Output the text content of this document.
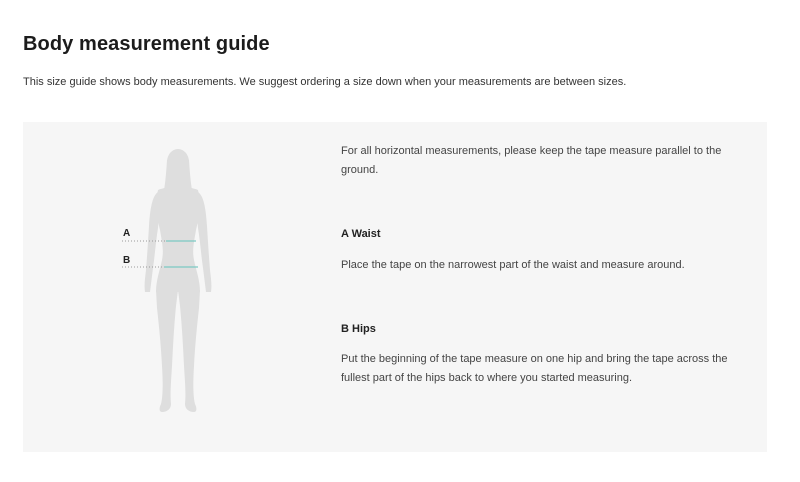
Body measurement guide

This size guide shows body measurements. We suggest ordering a size down when your measurements are between sizes.

A
B

For all horizontal measurements, please keep the tape measure parallel to the ground.

A Waist

Place the tape on the narrowest part of the waist and measure around.

B Hips

Put the beginning of the tape measure on one hip and bring the tape across the fullest part of the hips back to where you started measuring.
